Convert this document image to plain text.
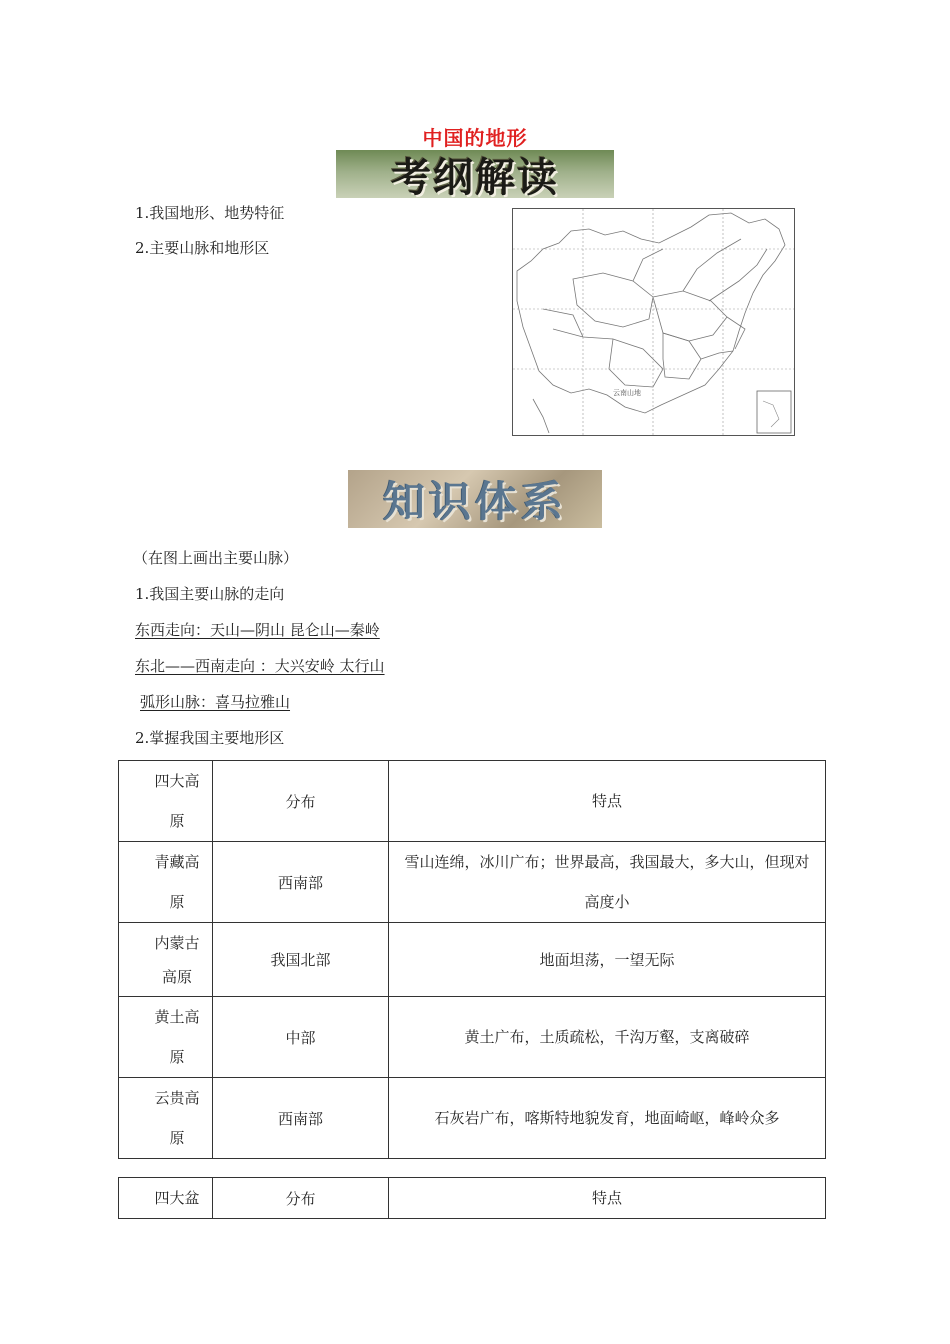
中国的地形
考纲解读
1.我国地形、地势特征
2.主要山脉和地形区
云南山地
知识体系
（在图上画出主要山脉）
1.我国主要山脉的走向
东西走向：天山—阴山 昆仑山—秦岭
东北——西南走向 ：大兴安岭 太行山
弧形山脉：喜马拉雅山
2.掌握我国主要地形区
四大高原	分布	特点

青藏高原	西南部	雪山连绵，冰川广布；世界最高，我国最大，多大山，但现对高度小

内蒙古高原	我国北部	地面坦荡，一望无际

黄土高原	中部	黄土广布，土质疏松，千沟万壑，支离破碎

云贵高原	西南部	石灰岩广布，喀斯特地貌发育，地面崎岖，峰岭众多
四大盆	分布	特点
